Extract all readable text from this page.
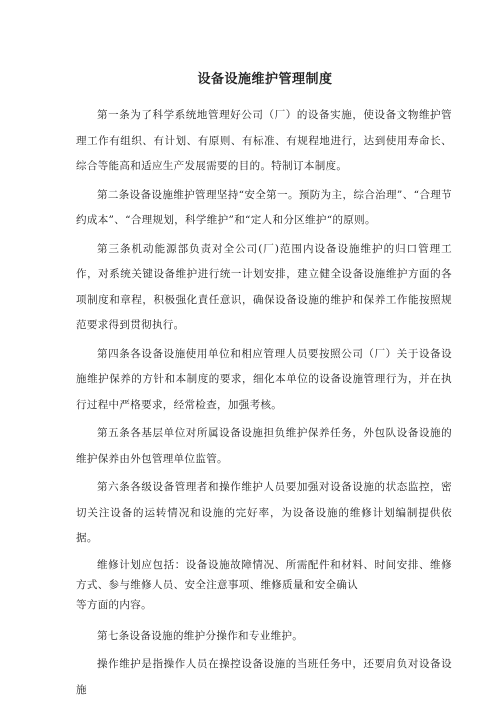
设备设施维护管理制度

第一条为了科学系统地管理好公司（厂）的设备实施，使设备文物维护管理工作有组织、有计划、有原则、有标准、有规程地进行，达到使用寿命长、综合等能高和适应生产发展需要的目的。特制订本制度。

第二条设备设施维护管理坚持“安全第一。预防为主，综合治理”、“合理节约成本”、“合理规划，科学维护”和“定人和分区维护“的原则。

第三条机动能源部负责对全公司(厂)范围内设备设施维护的归口管理工作，对系统关键设备维护进行统一计划安排，建立健全设备设施维护方面的各项制度和章程，积极强化責任意识，确保设备设施的维护和保养工作能按照规范要求得到贯彻执行。

第四条各设备设施使用单位和相应管理人员要按照公司（厂）关于设备设施维护保养的方针和本制度的要求，细化本单位的设备设施管理行为，并在执行过程中严格要求，经常检查，加强考核。

第五条各基层单位对所属设备设施担负维护保养任务，外包队设备设施的维护保养由外包管理单位监管。

第六条各级设备管理者和操作维护人员要加强对设备设施的状态监控，密切关注设备的运转情况和设施的完好率，为设备设施的维修计划编制提供依据。

维修计划应包括：设备设施故障情况、所需配件和材料、时间安排、维修方式、参与维修人员、安全注意事项、维修质量和安全确认

等方面的内容。

第七条设备设施的维护分操作和专业维护。

操作维护是指操作人员在操控设备设施的当班任务中，还要肩负对设备设施
